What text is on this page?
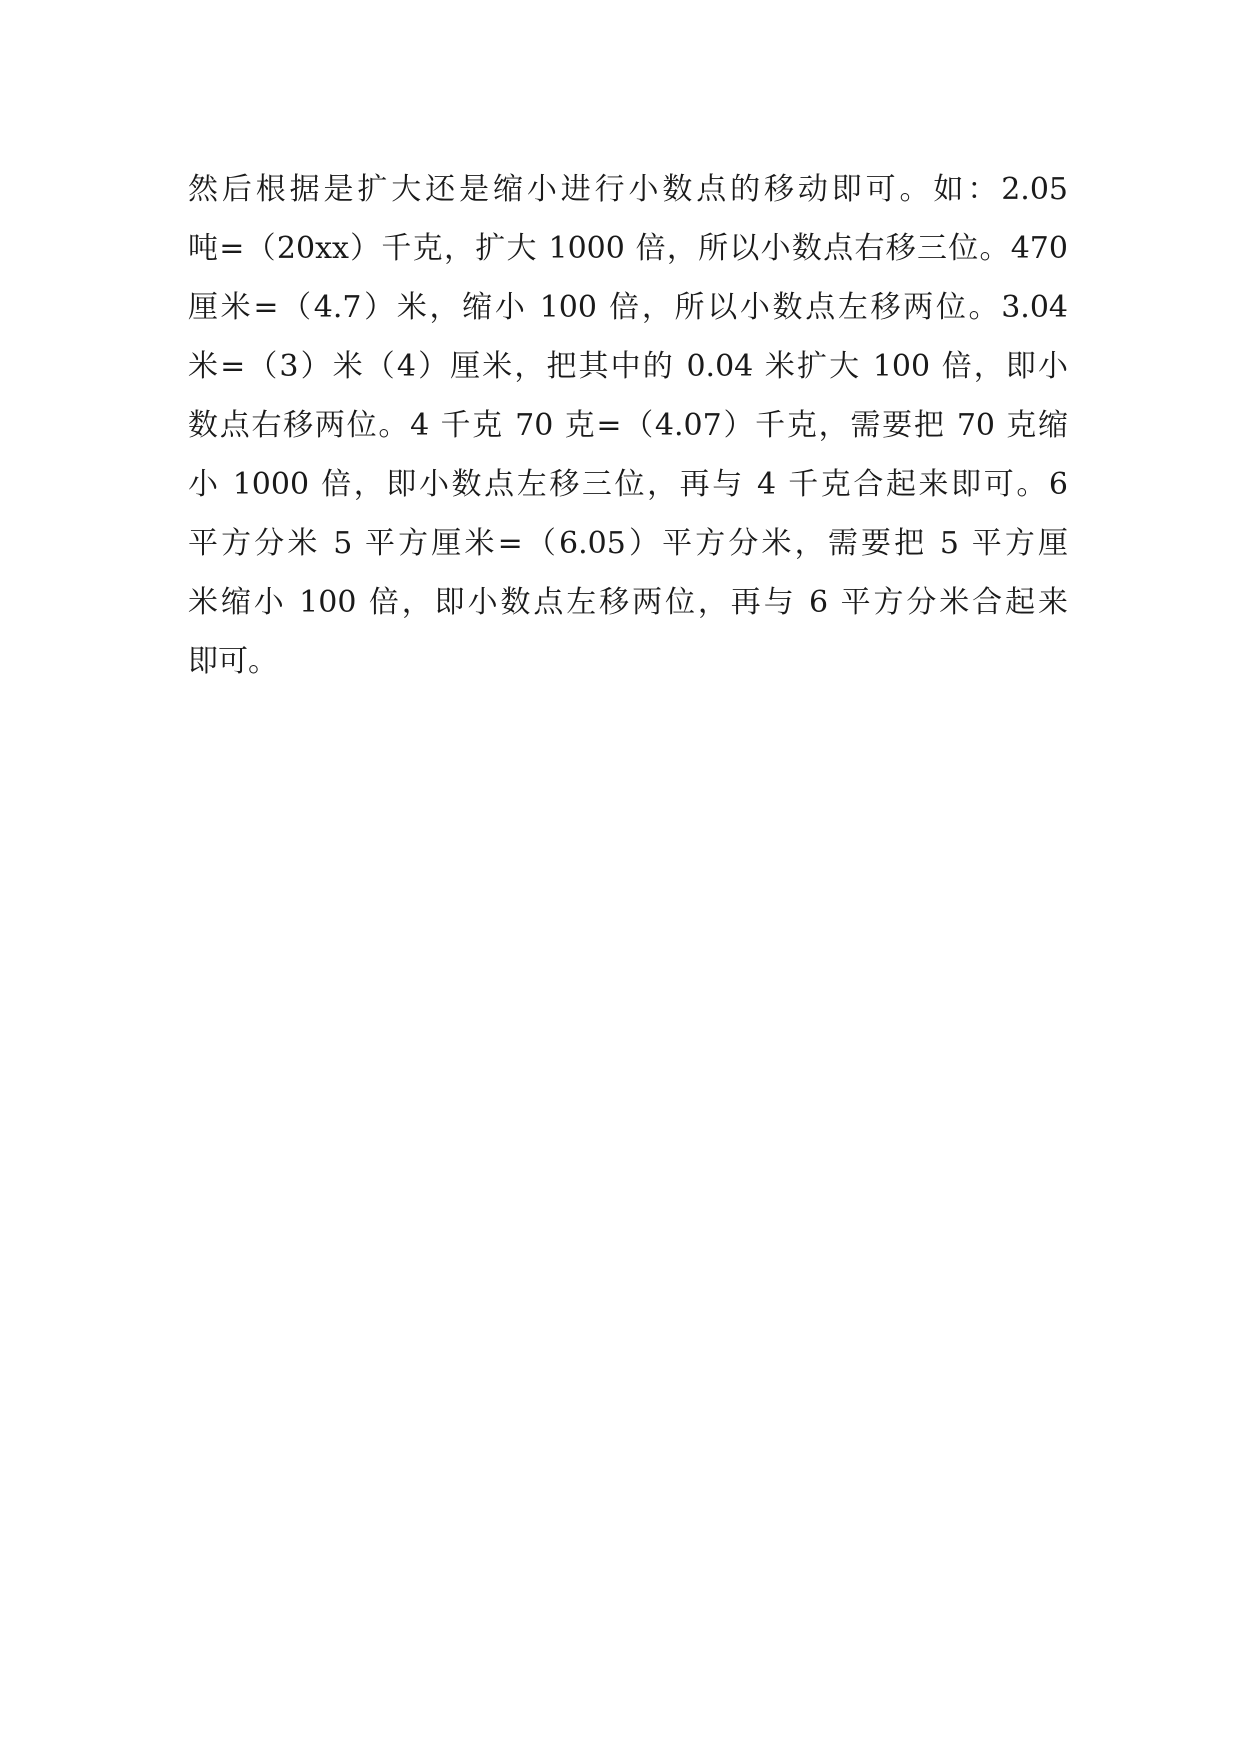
然后根据是扩大还是缩小进行小数点的移动即可。如：2.05
吨=（20xx）千克，扩大 1000 倍，所以小数点右移三位。470
厘米=（4.7）米，缩小 100 倍，所以小数点左移两位。3.04
米=（3）米（4）厘米，把其中的 0.04 米扩大 100 倍，即小
数点右移两位。4 千克 70 克=（4.07）千克，需要把 70 克缩
小 1000 倍，即小数点左移三位，再与 4 千克合起来即可。6
平方分米 5 平方厘米=（6.05）平方分米，需要把 5 平方厘
米缩小 100 倍，即小数点左移两位，再与 6 平方分米合起来
即可。
